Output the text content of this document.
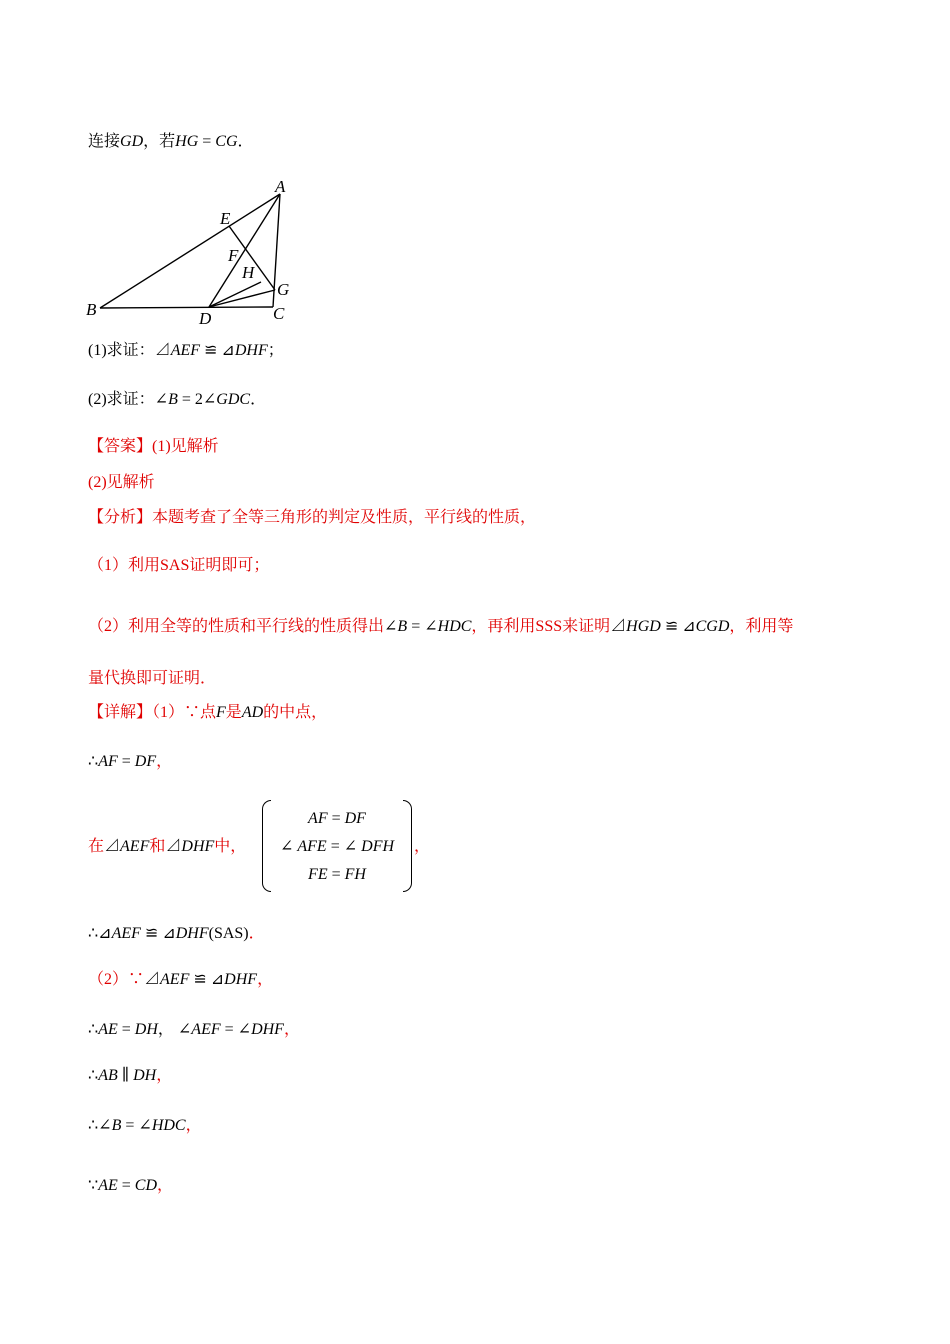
A
E
F
H
G
B	D	C
连接GD，若HG = CG．
(1)求证：⊿AEF ≌ ⊿DHF；
(2)求证：∠B = 2∠GDC．
【答案】(1)见解析
(2)见解析
【分析】本题考查了全等三角形的判定及性质，平行线的性质，
（1）利用SAS证明即可；
（2）利用全等的性质和平行线的性质得出∠B = ∠HDC，再利用SSS来证明⊿HGD ≌ ⊿CGD，利用等
量代换即可证明．
【详解】（1）∵点F是AD的中点，
∴AF = DF，
在⊿AEF和⊿DHF中，
AF = DF
∠ AFE = ∠ DFH
FE = FH
，
∴⊿AEF ≌ ⊿DHF(SAS)．
（2）∵⊿AEF ≌ ⊿DHF，
∴AE = DH， ∠AEF = ∠DHF，
∴AB ∥ DH，
∴∠B = ∠HDC，
∵AE = CD，
